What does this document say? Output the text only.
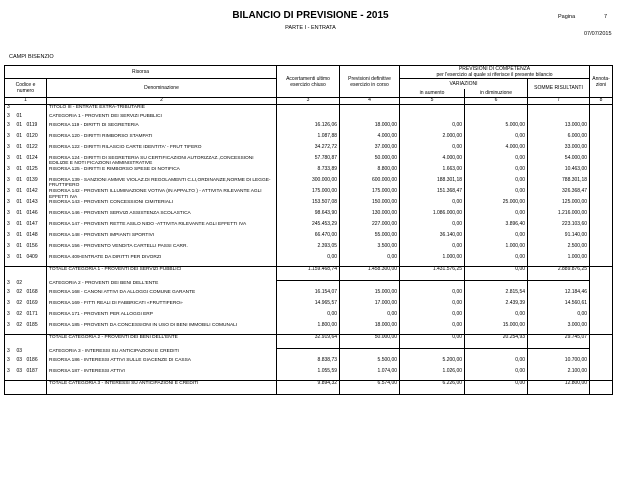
BILANCIO DI PREVISIONE - 2015
PARTE I - ENTRATA
Pagina	7
07/07/2015
CAMPI BISENZIO
Risorsa				Accertamenti ultimo esercizio chiuso	Previsioni definitive esercizio in corso	PREVISIONI DI COMPETENZA
per l'esercizio al quale si riferisce il presente bilancio			Annota- zioni
Codice e numero			Denominazione			VARIAZIONI		SOMME RISULTANTI	
						in aumento	in diminuzione		
1			2	3	4	5	6	7	8
3			TITOLO III - ENTRATE EXTRA-TRIBUTARIE						
3	01		CATEGORIA 1 - PROVENTI DEI SERVIZI PUBBLICI						
3	01	0119	RISORSA 119 - DIRITTI DI SEGRETERIA	16.126,06	18.000,00	0,00	5.000,00	13.000,00	
3	01	0120	RISORSA 120 - DIRITTI RIMBORSO STAMPATI	1.087,88	4.000,00	2.000,00	0,00	6.000,00	
3	01	0122	RISORSA 122 - DIRITTI RILASCIO CARTE IDENTITA' - FRUT TIFERO	34.272,72	37.000,00	0,00	4.000,00	33.000,00	
3	01	0124	RISORSA 124 - DIRITTI DI SEGRETERIA SU CERTIFICAZIONI AUTORIZZAZ.,CONCESSIONI EDILIZIE E NOTI FICAZIONI AMMINISTRATIVE	57.780,87	50.000,00	4.000,00	0,00	54.000,00	
3	01	0125	RISORSA 125 - DIRITTI E RIMBORSO SPESE DI NOTIFICA	8.733,89	8.800,00	1.663,00	0,00	10.463,00	
3	01	0139	RISORSA 139 - SANZIONI AMMVE VIOLAZ.DI REGOLAMENTI C.LI,ORDINANZE,NORME DI LEGGE-FRUTTIFERO	300.000,00	600.000,00	188.301,18	0,00	788.301,18	
3	01	0142	RISORSA 142 - PROVENTI ILLUMINAZIONE VOTIVA (IN APPALTO ) - ATTIVITA RILEVANTE AGLI EFFETTI IVA	175.000,00	175.000,00	151.368,47	0,00	326.368,47	
3	01	0143	RISORSA 143 - PROVENTI CONCESSIONI CIMITERIALI	153.507,08	150.000,00	0,00	25.000,00	125.000,00	
3	01	0146	RISORSA 146 - PROVENTI SERVIZI ASSISTENZA SCOLASTICA	98.643,90	130.000,00	1.086.000,00	0,00	1.216.000,00	
3	01	0147	RISORSA 147 - PROVENTI RETTE ASILO NIDO -ATTIVITA RILEVANTE AGLI EFFETTI IVA	245.453,29	227.000,00	0,00	3.896,40	223.103,60	
3	01	0148	RISORSA 148 - PROVENTI IMPIANTI SPORTIVI	66.470,00	55.000,00	36.140,00	0,00	91.140,00	
3	01	0156	RISORSA 156 - PROVENTO VENDITA CARTELLI PASSI CARR.	2.393,05	3.500,00	0,00	1.000,00	2.500,00	
3	01	0409	RISORSA 409-ENTRATE DA DIRITTI PER DIVORZI	0,00	0,00	1.000,00	0,00	1.000,00	
			TOTALE CATEGORIA 1 - PROVENTI DEI SERVIZI PUBBLICI	1.159.468,74	1.458.300,00	1.431.576,25	0,00	2.889.876,25	
3	02		CATEGORIA 2 - PROVENTI DEI BENI DELL'ENTE						
3	02	0168	RISORSA 168 - CANONI ATTIVI DA ALLOGGI COMUNE GARANTE	16.154,07	15.000,00	0,00	2.815,54	12.184,46	
3	02	0169	RISORSA 169 - FITTI REALI DI FABBRICATI «FRUTTIFERO»	14.965,57	17.000,00	0,00	2.439,39	14.560,61	
3	02	0171	RISORSA 171 - PROVENTI PER ALLOGGI ERP	0,00	0,00	0,00	0,00	0,00	
3	02	0185	RISORSA 185 - PROVENTI DA CONCESSIONI IN USO DI BENI IMMOBILI COMUNALI	1.800,00	18.000,00	0,00	15.000,00	3.000,00	
			TOTALE CATEGORIA 2 - PROVENTI DEI BENI DELL'ENTE	32.919,64	50.000,00	0,00	20.254,93	29.745,07	
3	03		CATEGORIA 3 - INTERESSI SU ANTICIPAZIONI E CREDITI						
3	03	0186	RISORSA 186 - INTERESSI ATTIVI SULLE GIACENZE DI CASSA	8.838,73	5.500,00	5.200,00	0,00	10.700,00	
3	03	0187	RISORSA 187 - INTERESSI ATTIVI	1.055,59	1.074,00	1.026,00	0,00	2.100,00	
			TOTALE CATEGORIA 3 - INTERESSI SU ANTICIPAZIONI E CREDITI	9.894,32	6.574,00	6.226,00	0,00	12.800,00	
